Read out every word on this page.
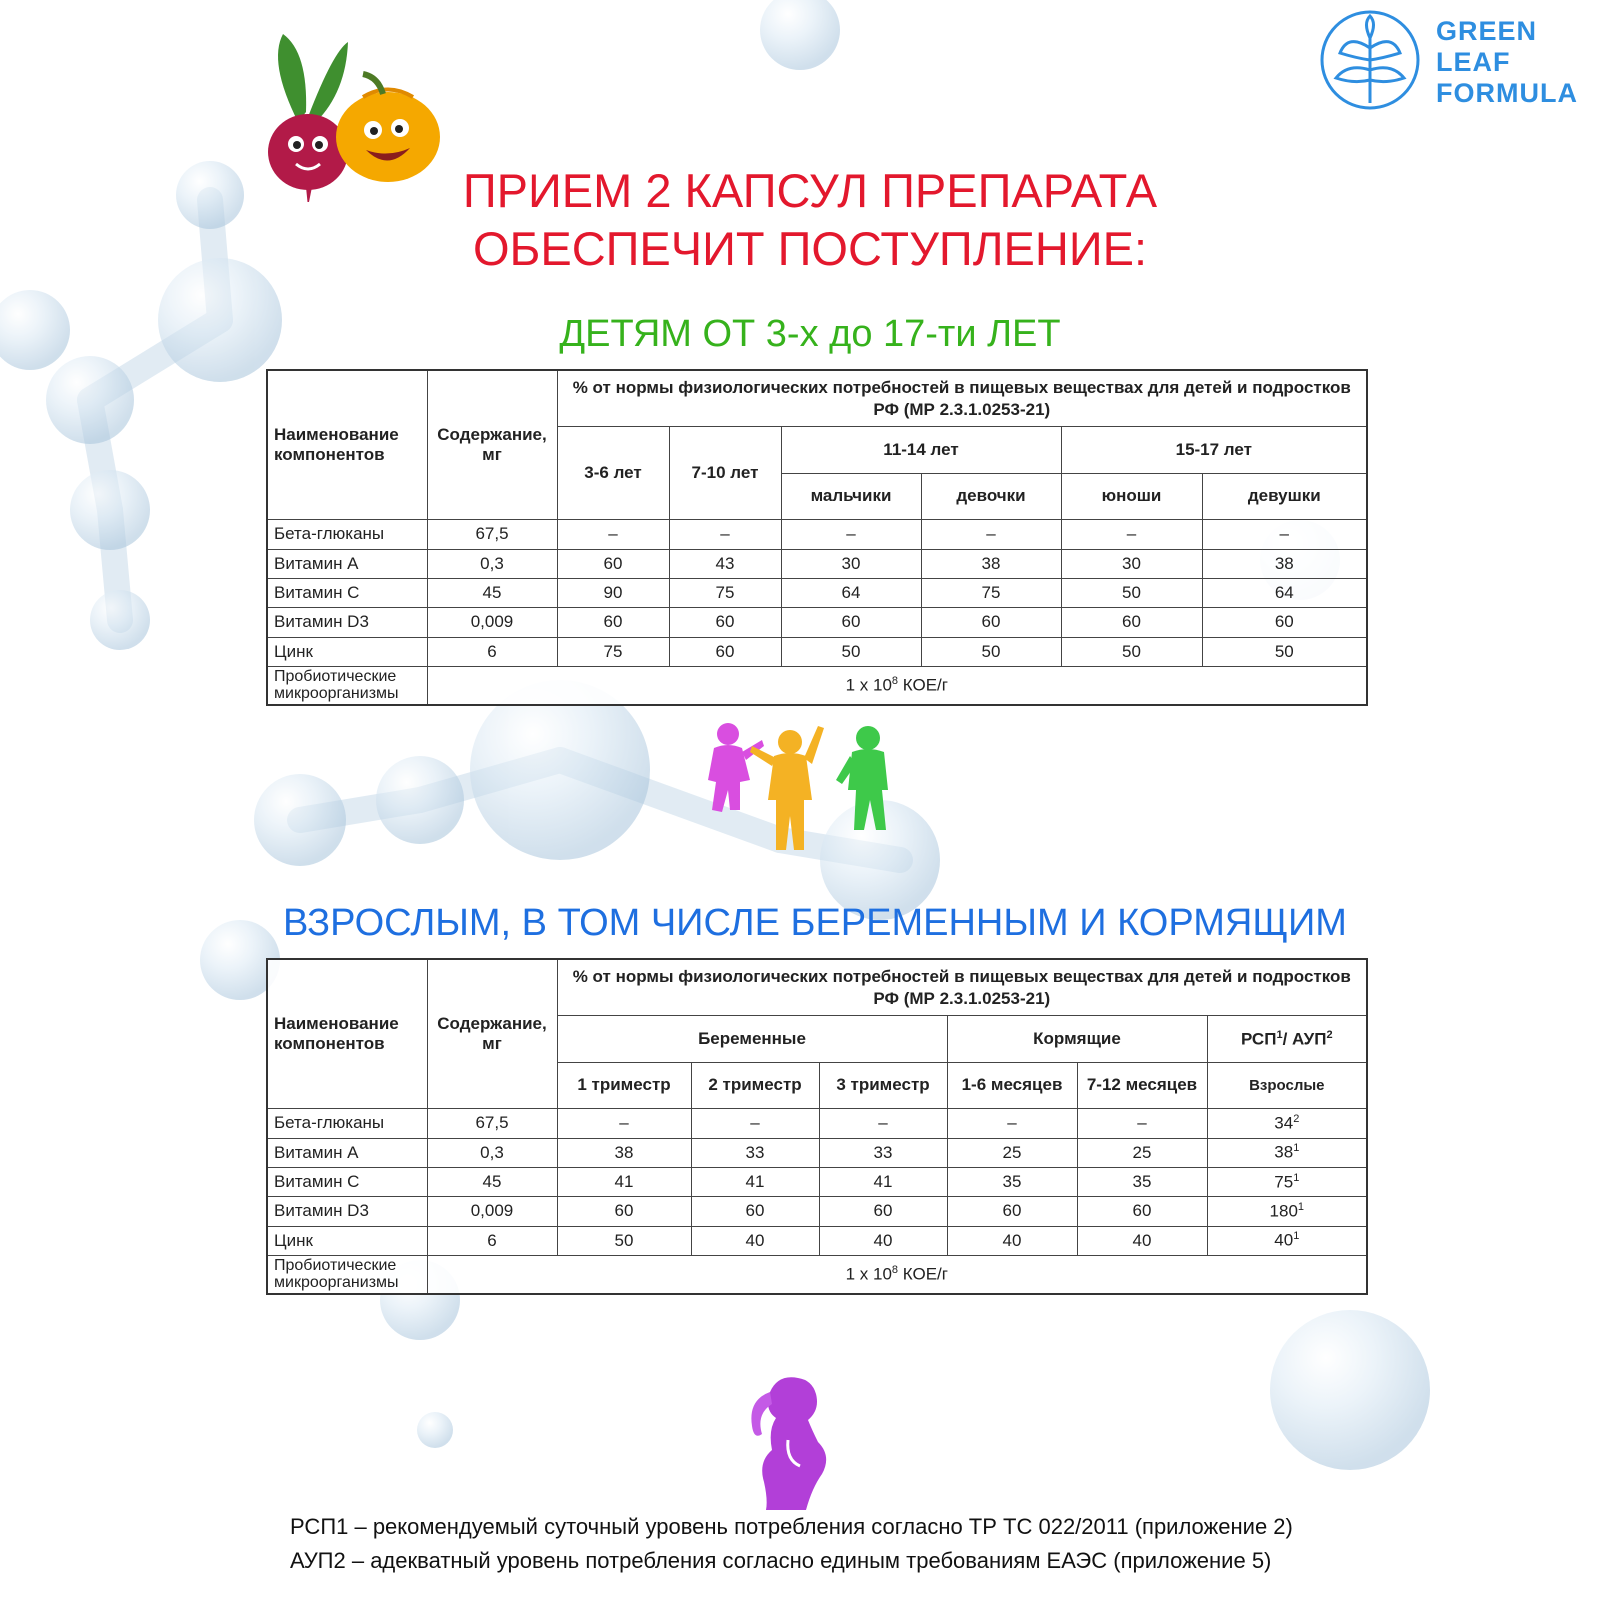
GREEN
LEAF
FORMULA
ПРИЕМ 2 КАПСУЛ ПРЕПАРАТА
ОБЕСПЕЧИТ ПОСТУПЛЕНИЕ:
ДЕТЯМ ОТ 3-х до 17-ти ЛЕТ
Наименование компонентов	Содержание, мг	% от нормы физиологических потребностей в пищевых веществах для детей и подростков РФ (МР 2.3.1.0253-21)					
		3-6 лет	7-10 лет	11-14 лет		15-17 лет	
				мальчики	девочки	юноши	девушки
Бета-глюканы	67,5	–	–	–	–	–	–
Витамин А	0,3	60	43	30	38	30	38
Витамин С	45	90	75	64	75	50	64
Витамин D3	0,009	60	60	60	60	60	60
Цинк	6	75	60	50	50	50	50
Пробиотические микроорганизмы	1 х $10^8$ КОЕ/г						
ВЗРОСЛЫМ, В ТОМ ЧИСЛЕ БЕРЕМЕННЫМ И КОРМЯЩИМ
Наименование компонентов	Содержание, мг	% от нормы физиологических потребностей в пищевых веществах для детей и подростков РФ (МР 2.3.1.0253-21)					
		Беременные			Кормящие		РСП$^1$/ АУП$^2$
		1 триместр	2 триместр	3 триместр	1-6 месяцев	7-12 месяцев	Взрослые
Бета-глюканы	67,5	–	–	–	–	–	$34^2$
Витамин А	0,3	38	33	33	25	25	$38^1$
Витамин С	45	41	41	41	35	35	$75^1$
Витамин D3	0,009	60	60	60	60	60	$180^1$
Цинк	6	50	40	40	40	40	$40^1$
Пробиотические микроорганизмы	1 х $10^8$ КОЕ/г						

РСП1 – рекомендуемый суточный уровень потребления согласно ТР ТС 022/2011 (приложение 2)

АУП2 – адекватный уровень потребления согласно единым требованиям ЕАЭС (приложение 5)
